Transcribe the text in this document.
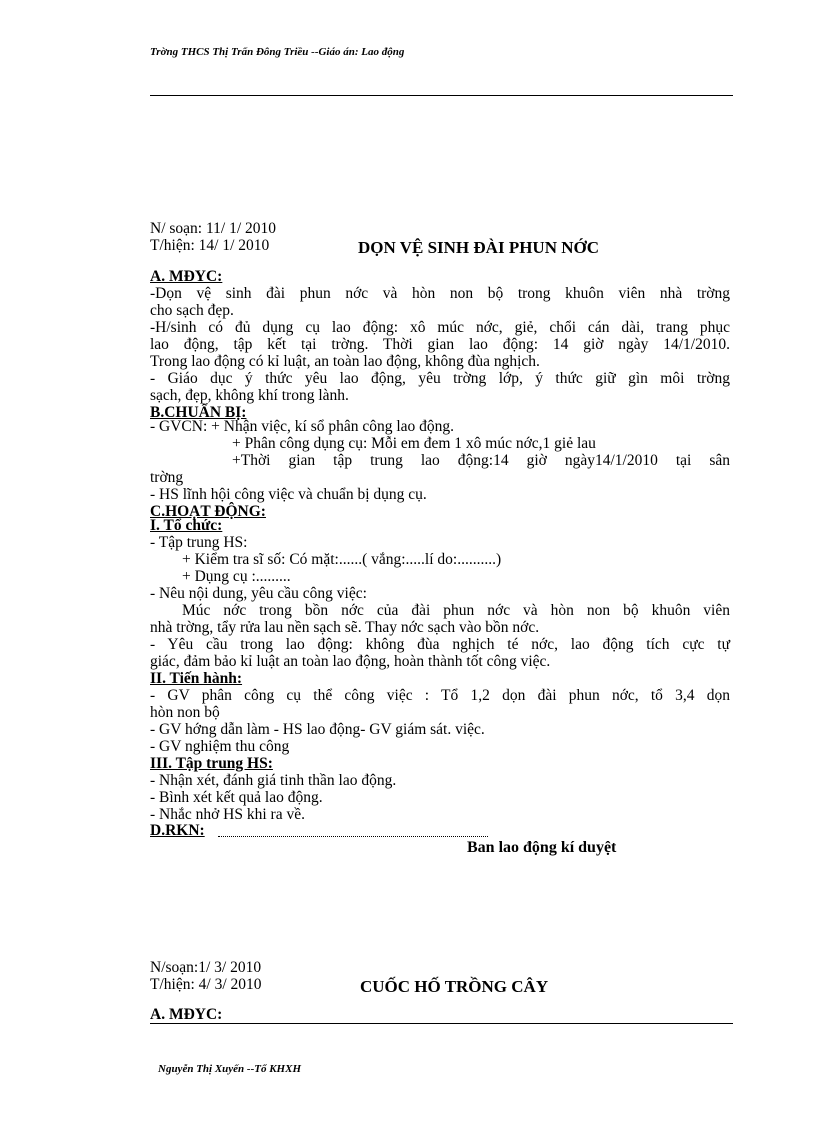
Trờng THCS Thị Trấn Đông Triều --Giáo án: Lao động
N/ soạn: 11/ 1/ 2010
T/hiện: 14/ 1/ 2010	DỌN VỆ SINH ĐÀI PHUN NỚC
A. MĐYC:
-Dọn vệ sinh đài phun nớc và hòn non bộ trong khuôn viên nhà trờng
cho sạch đẹp.
-H/sinh có đủ dụng cụ lao động: xô múc nớc, giẻ, chổi cán dài, trang phục
lao động, tập kết tại trờng. Thời gian lao động: 14 giờ ngày 14/1/2010.
Trong lao động có kỉ luật, an toàn lao động, không đùa nghịch.
- Giáo dục ý thức yêu lao động, yêu trờng lớp, ý thức giữ gìn môi trờng
sạch, đẹp, không khí trong lành.
B.CHUẨN BỊ:
- GVCN: + Nhận việc, kí sổ phân công lao động.
+ Phân công dụng cụ: Mỗi em đem 1 xô múc nớc,1 giẻ lau
+Thời gian tập trung lao động:14 giờ ngày14/1/2010 tại sân
trờng
- HS lĩnh hội công việc và chuẩn bị dụng cụ.
C.HOẠT ĐỘNG:
I. Tổ chức:
- Tập trung HS:
+ Kiểm tra sĩ số: Có mặt:......( vắng:.....lí do:..........)
+ Dụng cụ :.........
- Nêu nội dung, yêu cầu công việc:
Múc nớc trong bồn nớc của đài phun nớc và hòn non bộ khuôn viên
nhà trờng, tẩy rửa lau nền sạch sẽ. Thay nớc sạch vào bồn nớc.
- Yêu cầu trong lao động: không đùa nghịch té nớc, lao động tích cực tự
giác, đảm bảo kỉ luật an toàn lao động, hoàn thành tốt công việc.
II. Tiến hành:
- GV phân công cụ thể công việc : Tổ 1,2 dọn đài phun nớc, tổ 3,4 dọn
hòn non bộ
- GV hớng dẫn làm - HS lao động- GV giám sát. việc.
- GV nghiệm thu công
III. Tập trung HS:
- Nhận xét, đánh giá tinh thần lao động.
- Bình xét kết quả lao động.
- Nhắc nhở HS khi ra về.
D.RKN:
Ban lao động kí duyệt
N/soạn:1/ 3/ 2010
T/hiện: 4/ 3/ 2010	CUỐC HỐ TRỒNG CÂY
A. MĐYC:
Nguyễn Thị Xuyến --Tổ KHXH
